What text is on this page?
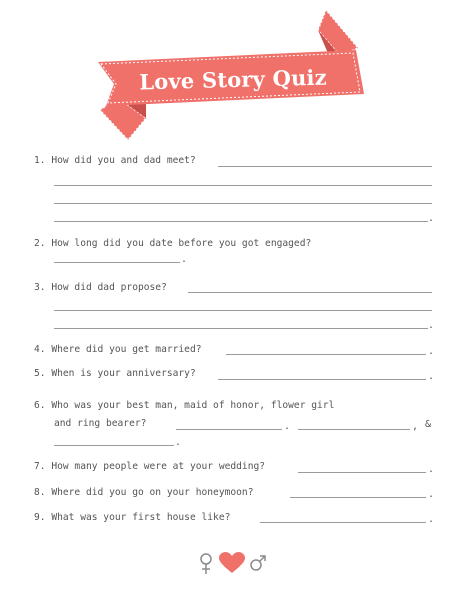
Love Story Quiz
1. How did you and dad meet?
.
2. How long did you date before you got engaged?
.
3. How did dad propose?
.
4. Where did you get married?	.
5. When is your anniversary?	.
6. Who was your best man, maid of honor, flower girl
and ring bearer?	.	, &
.
7. How many people were at your wedding?	.
8. Where did you go on your honeymoon?	.
9. What was your first house like?	.
